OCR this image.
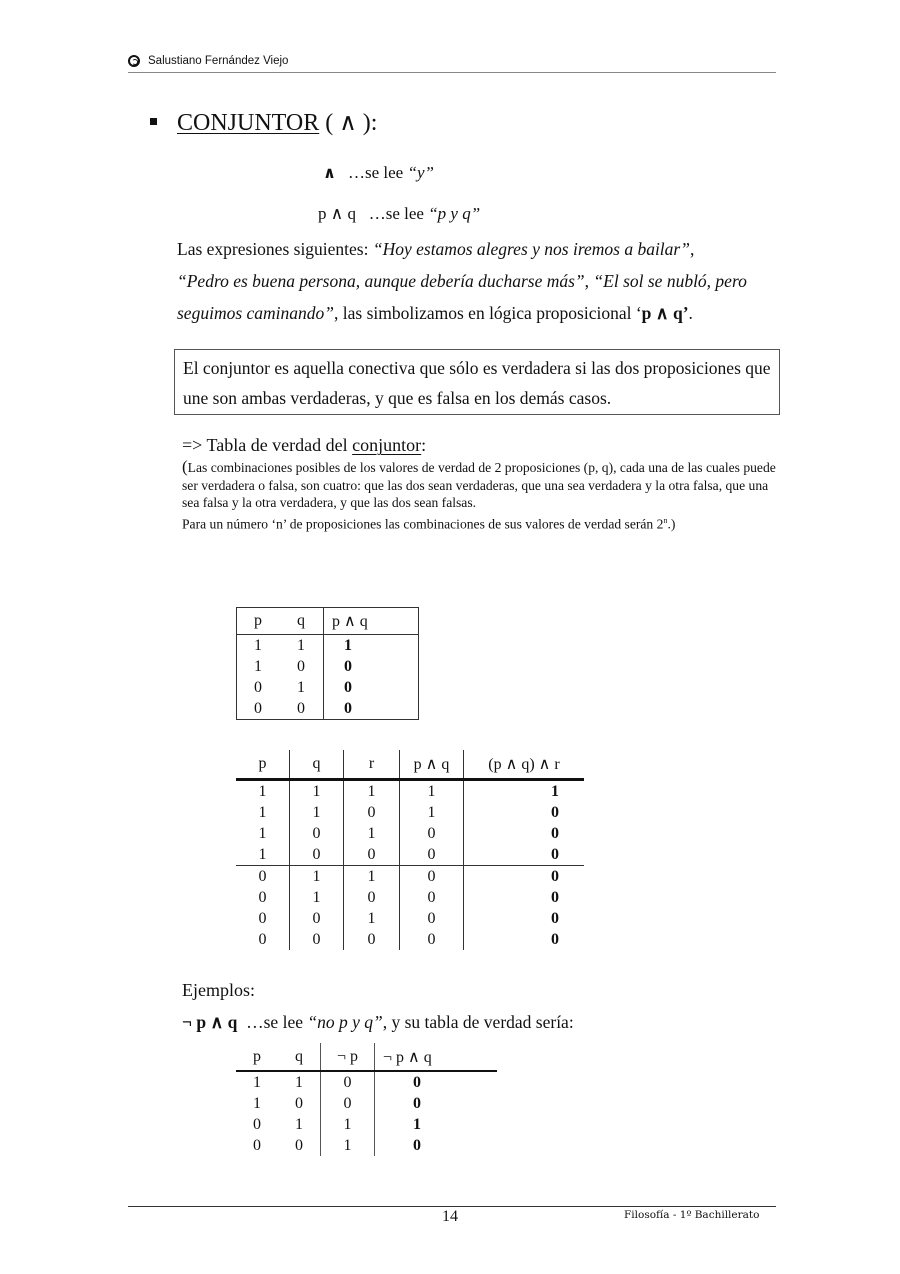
Salustiano Fernández Viejo
CONJUNTOR ( ∧ ):
∧ …se lee “y”
p ∧ q …se lee “p y q”
Las expresiones siguientes: “Hoy estamos alegres y nos iremos a bailar”,
“Pedro es buena persona, aunque debería ducharse más”, “El sol se nubló, pero seguimos caminando”, las simbolizamos en lógica proposicional ‘p ∧ q’.
El conjuntor es aquella conectiva que sólo es verdadera si las dos proposiciones que une son ambas verdaderas, y que es falsa en los demás casos.
=> Tabla de verdad del conjuntor:
(Las combinaciones posibles de los valores de verdad de 2 proposiciones (p, q), cada una de las cuales puede ser verdadera o falsa, son cuatro: que las dos sean verdaderas, que una sea verdadera y la otra falsa, que una sea falsa y la otra verdadera, y que las dos sean falsas.
Para un número ‘n’ de proposiciones las combinaciones de sus valores de verdad serán 2$^n$.)
p	q	p ∧ q
1	1	1
1	0	0
0	1	0
0	0	0
p	q	r	p ∧ q	(p ∧ q) ∧ r
1	1	1	1	1
1	1	0	1	0
1	0	1	0	0
1	0	0	0	0
0	1	1	0	0
0	1	0	0	0
0	0	1	0	0
0	0	0	0	0
Ejemplos:
¬ p ∧ q  …se lee “no p y q”, y su tabla de verdad sería:
p	q	¬ p	¬ p ∧ q
1	1	0	0
1	0	0	0
0	1	1	1
0	0	1	0
14	Filosofía - 1º Bachillerato
